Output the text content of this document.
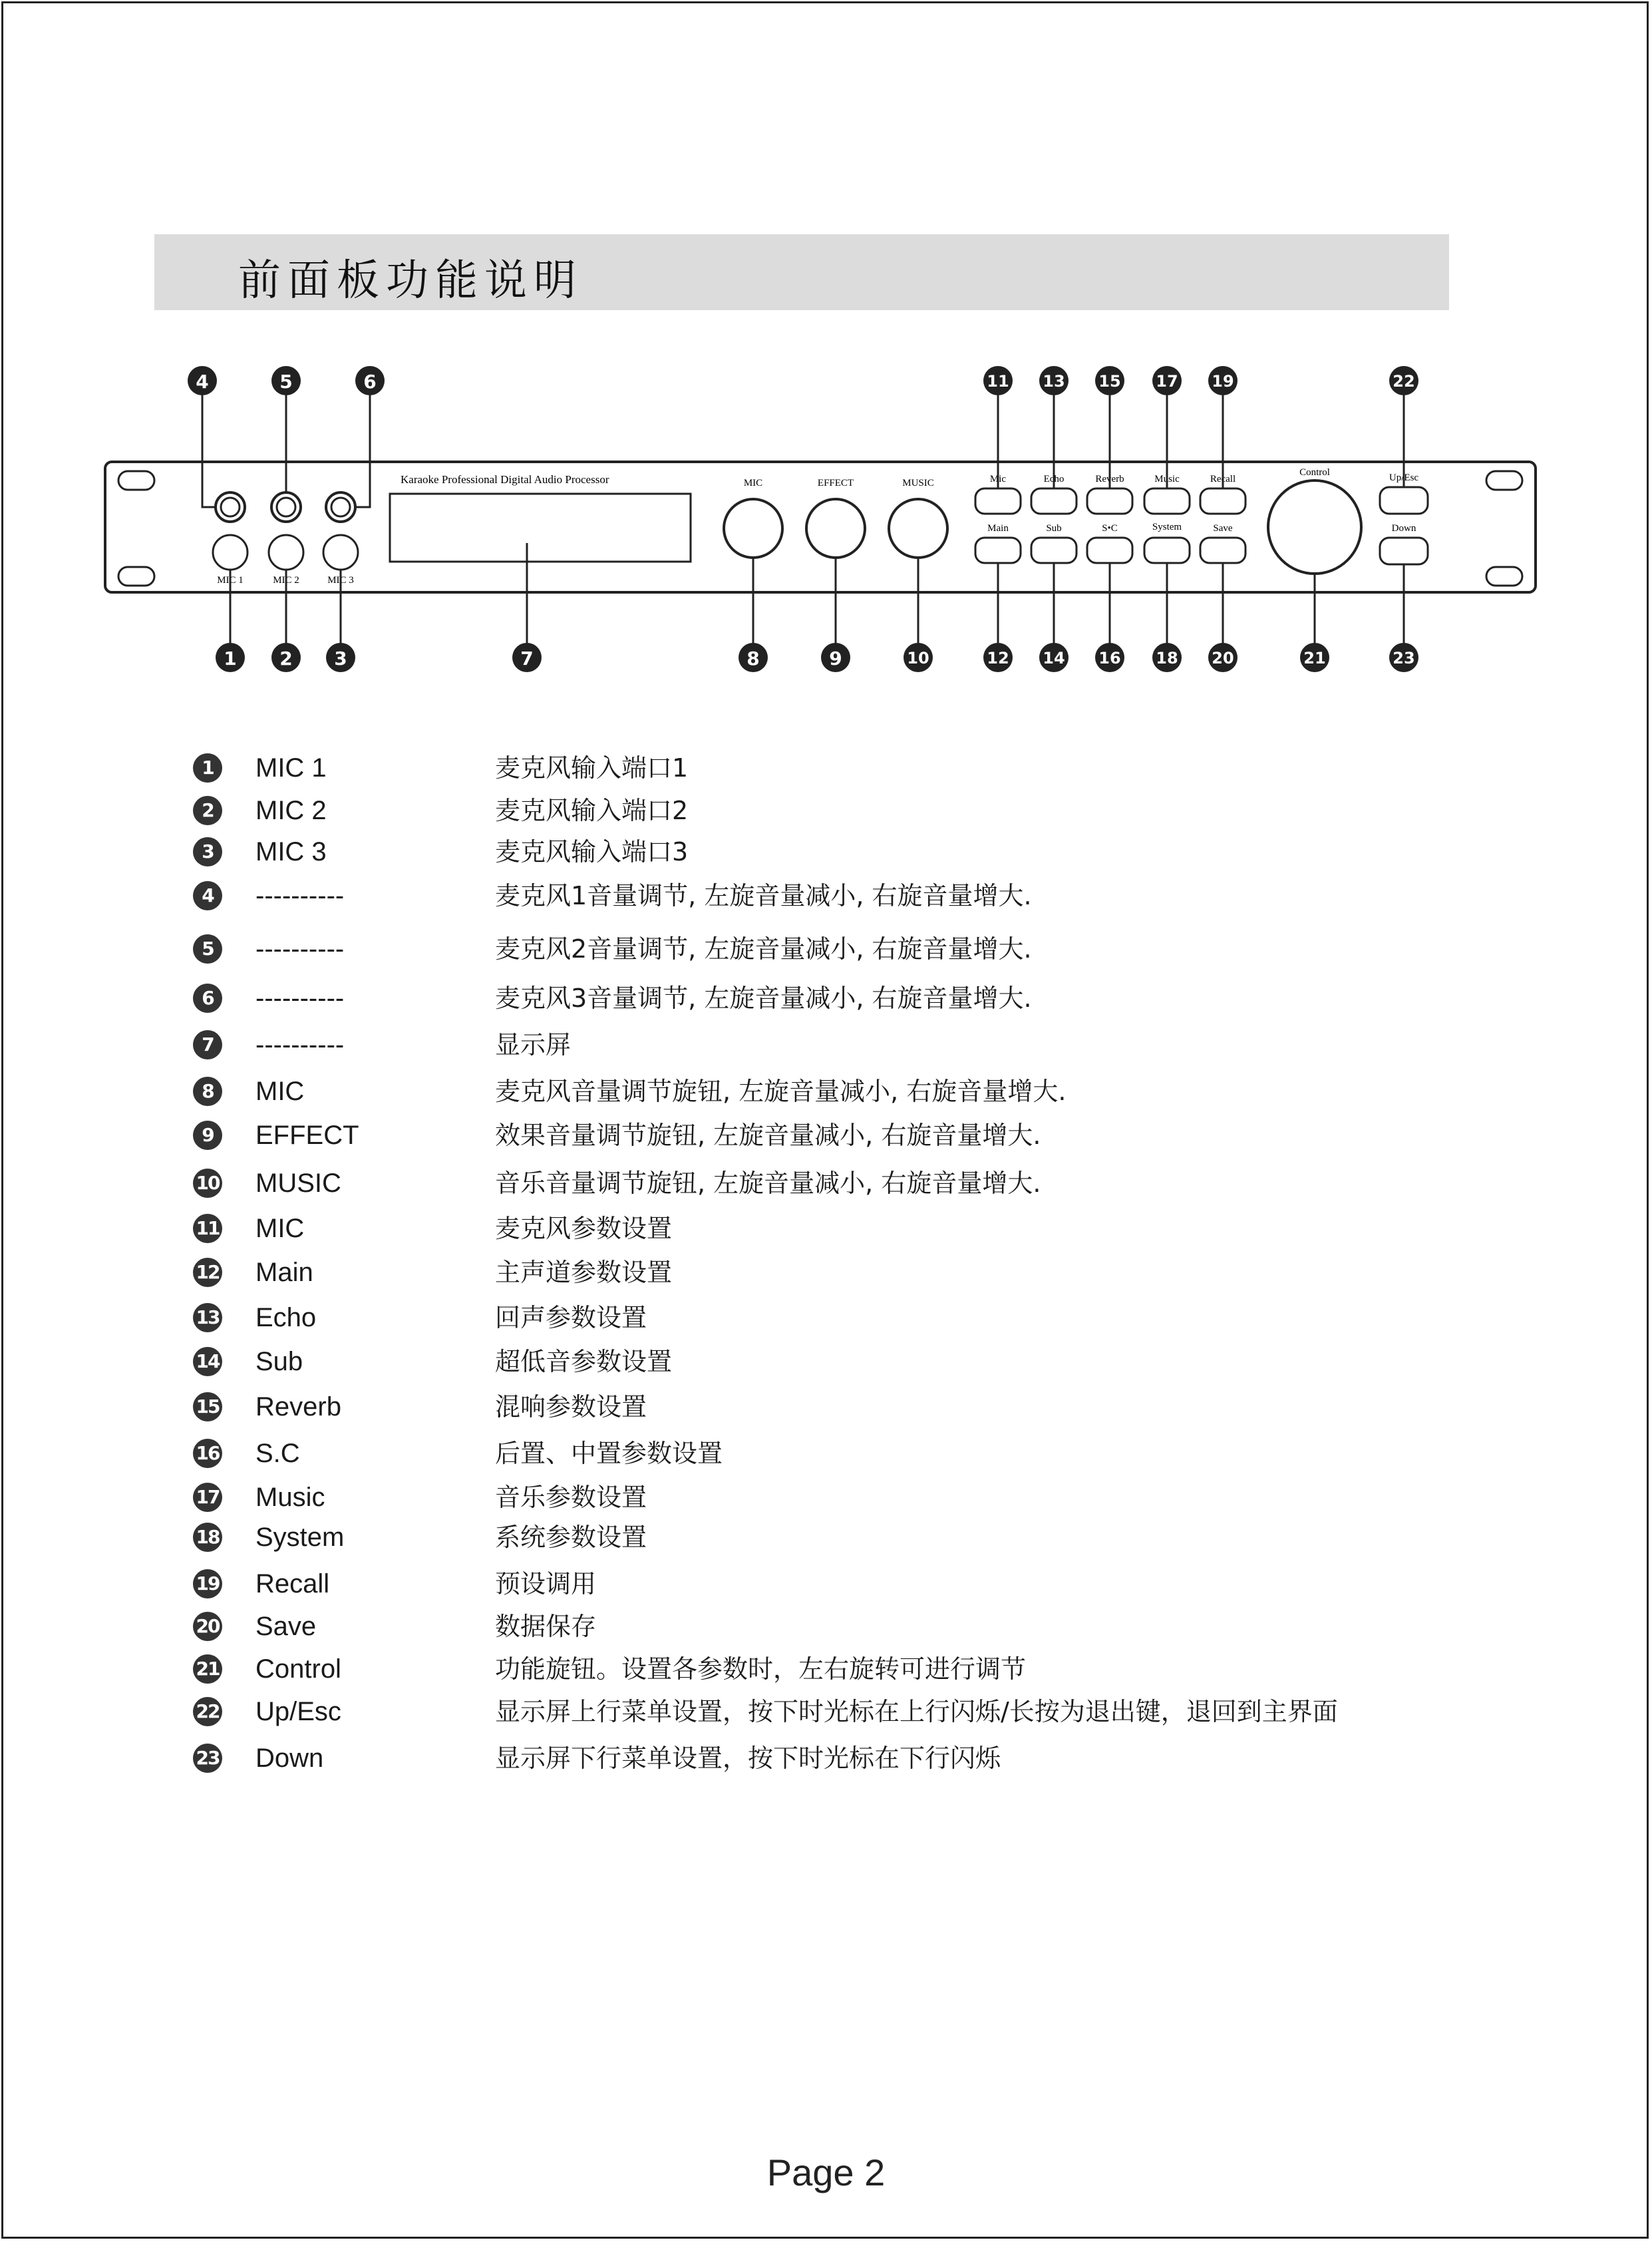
前面板功能说明
MIC 1	MIC 2	MIC 3
Karaoke Professional Digital Audio Processor	MIC	EFFECT	MUSIC	Mic	Echo	Reverb	Music	Recall
Main	Sub	S•C	System	Save
Control	Up/Esc
Down
4	5	6	11 13 15 17 19	22
1 2 3	7	8	9	10	12 14 16 18 20	21	23
1	MIC 1	麦克风输入端口1
2	MIC 2	麦克风输入端口2
3	MIC 3	麦克风输入端口3
4	----------	麦克风1音量调节, 左旋音量减小, 右旋音量增大.
5	----------	麦克风2音量调节, 左旋音量减小, 右旋音量增大.
6	----------	麦克风3音量调节, 左旋音量减小, 右旋音量增大.
7	----------	显示屏
8	MIC	麦克风音量调节旋钮, 左旋音量减小, 右旋音量增大.
9	EFFECT	效果音量调节旋钮, 左旋音量减小, 右旋音量增大.
10 MUSIC	音乐音量调节旋钮, 左旋音量减小, 右旋音量增大.
11 MIC	麦克风参数设置
12 Main	主声道参数设置
13 Echo	回声参数设置
14 Sub	超低音参数设置
15 Reverb	混响参数设置
16 S.C	后置、中置参数设置
17 Music	音乐参数设置
18 System	系统参数设置
19 Recall	预设调用
20 Save	数据保存
21 Control	功能旋钮。设置各参数时，左右旋转可进行调节
22 Up/Esc	显示屏上行菜单设置，按下时光标在上行闪烁/长按为退出键，退回到主界面
23 Down	显示屏下行菜单设置，按下时光标在下行闪烁
Page 2
